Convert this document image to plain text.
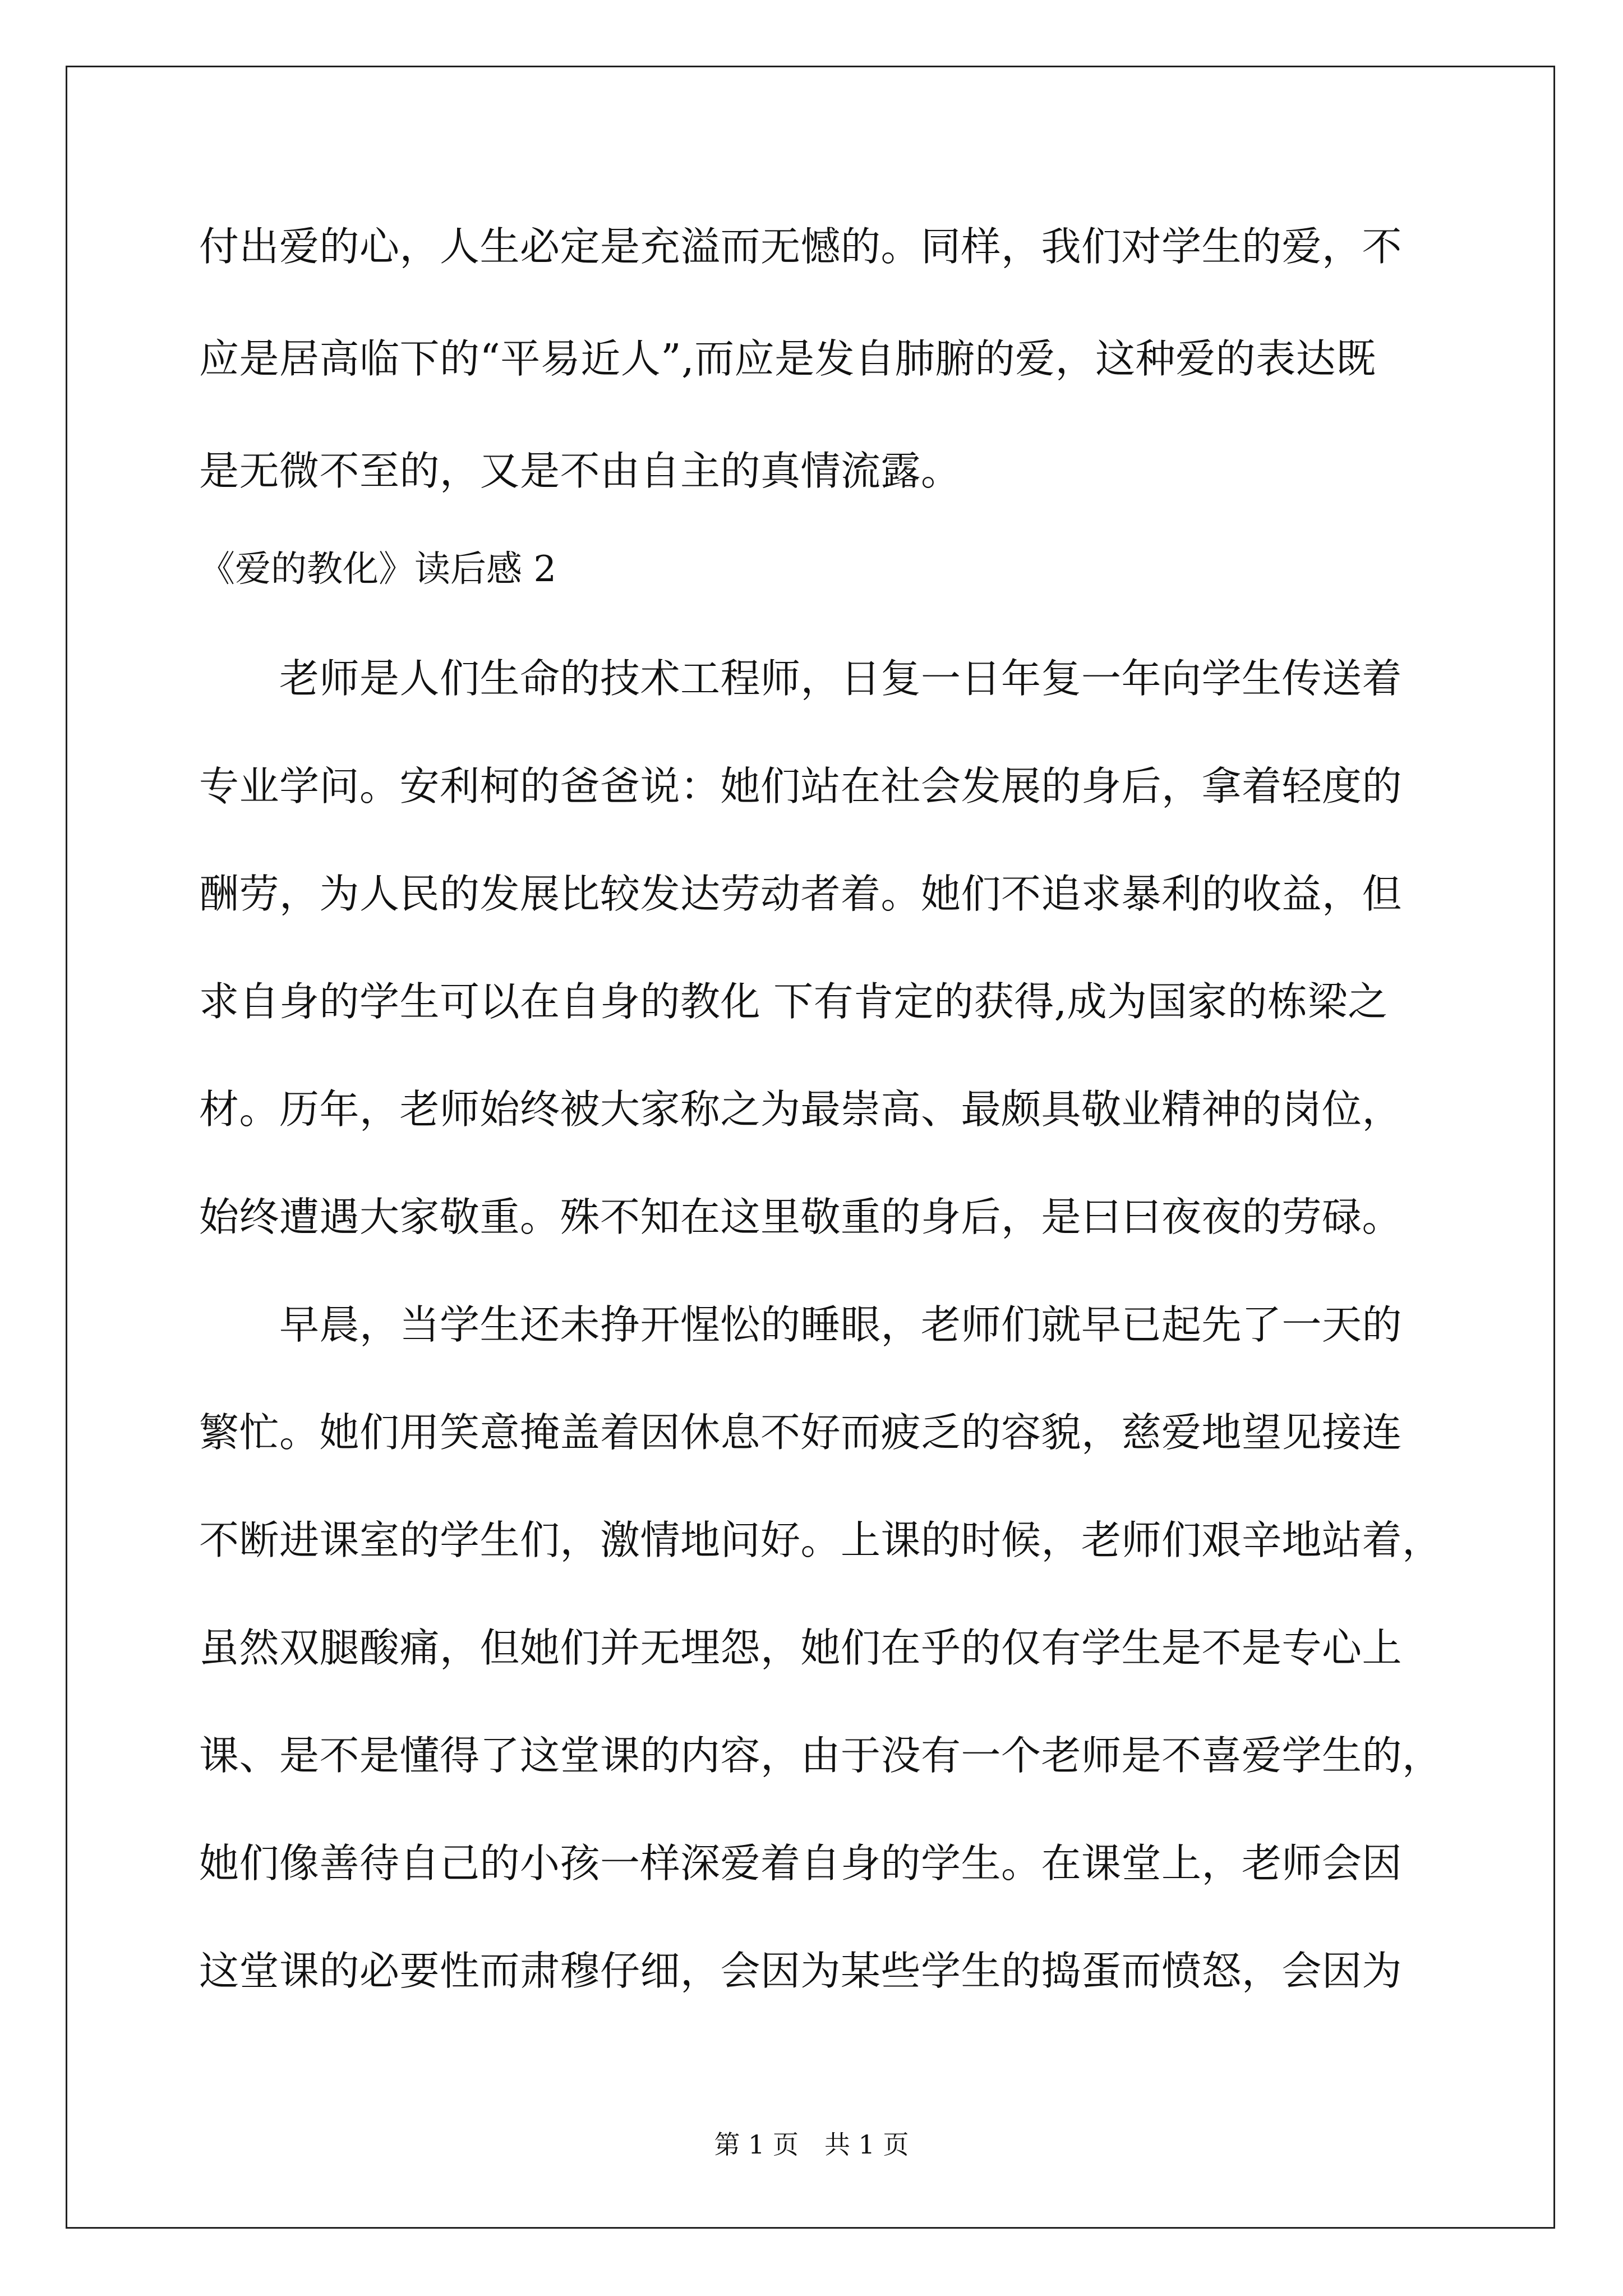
付出爱的心，人生必定是充溢而无憾的。同样，我们对学生的爱，不
应是居高临下的“平易近人”,而应是发自肺腑的爱，这种爱的表达既
是无微不至的，又是不由自主的真情流露。
《爱的教化》读后感 2
　　老师是人们生命的技术工程师，日复一日年复一年向学生传送着
专业学问。安利柯的爸爸说：她们站在社会发展的身后，拿着轻度的
酬劳，为人民的发展比较发达劳动者着。她们不追求暴利的收益，但
求自身的学生可以在自身的教化 下有肯定的获得,成为国家的栋梁之
材。历年，老师始终被大家称之为最崇高、最颇具敬业精神的岗位，
始终遭遇大家敬重。殊不知在这里敬重的身后，是曰曰夜夜的劳碌。
　　早晨，当学生还未挣开惺忪的睡眼，老师们就早已起先了一天的
繁忙。她们用笑意掩盖着因休息不好而疲乏的容貌，慈爱地望见接连
不断进课室的学生们，激情地问好。上课的时候，老师们艰辛地站着，
虽然双腿酸痛，但她们并无埋怨，她们在乎的仅有学生是不是专心上
课、是不是懂得了这堂课的内容，由于没有一个老师是不喜爱学生的，
她们像善待自己的小孩一样深爱着自身的学生。在课堂上，老师会因
这堂课的必要性而肃穆仔细，会因为某些学生的捣蛋而愤怒，会因为
第 1 页　共 1 页
